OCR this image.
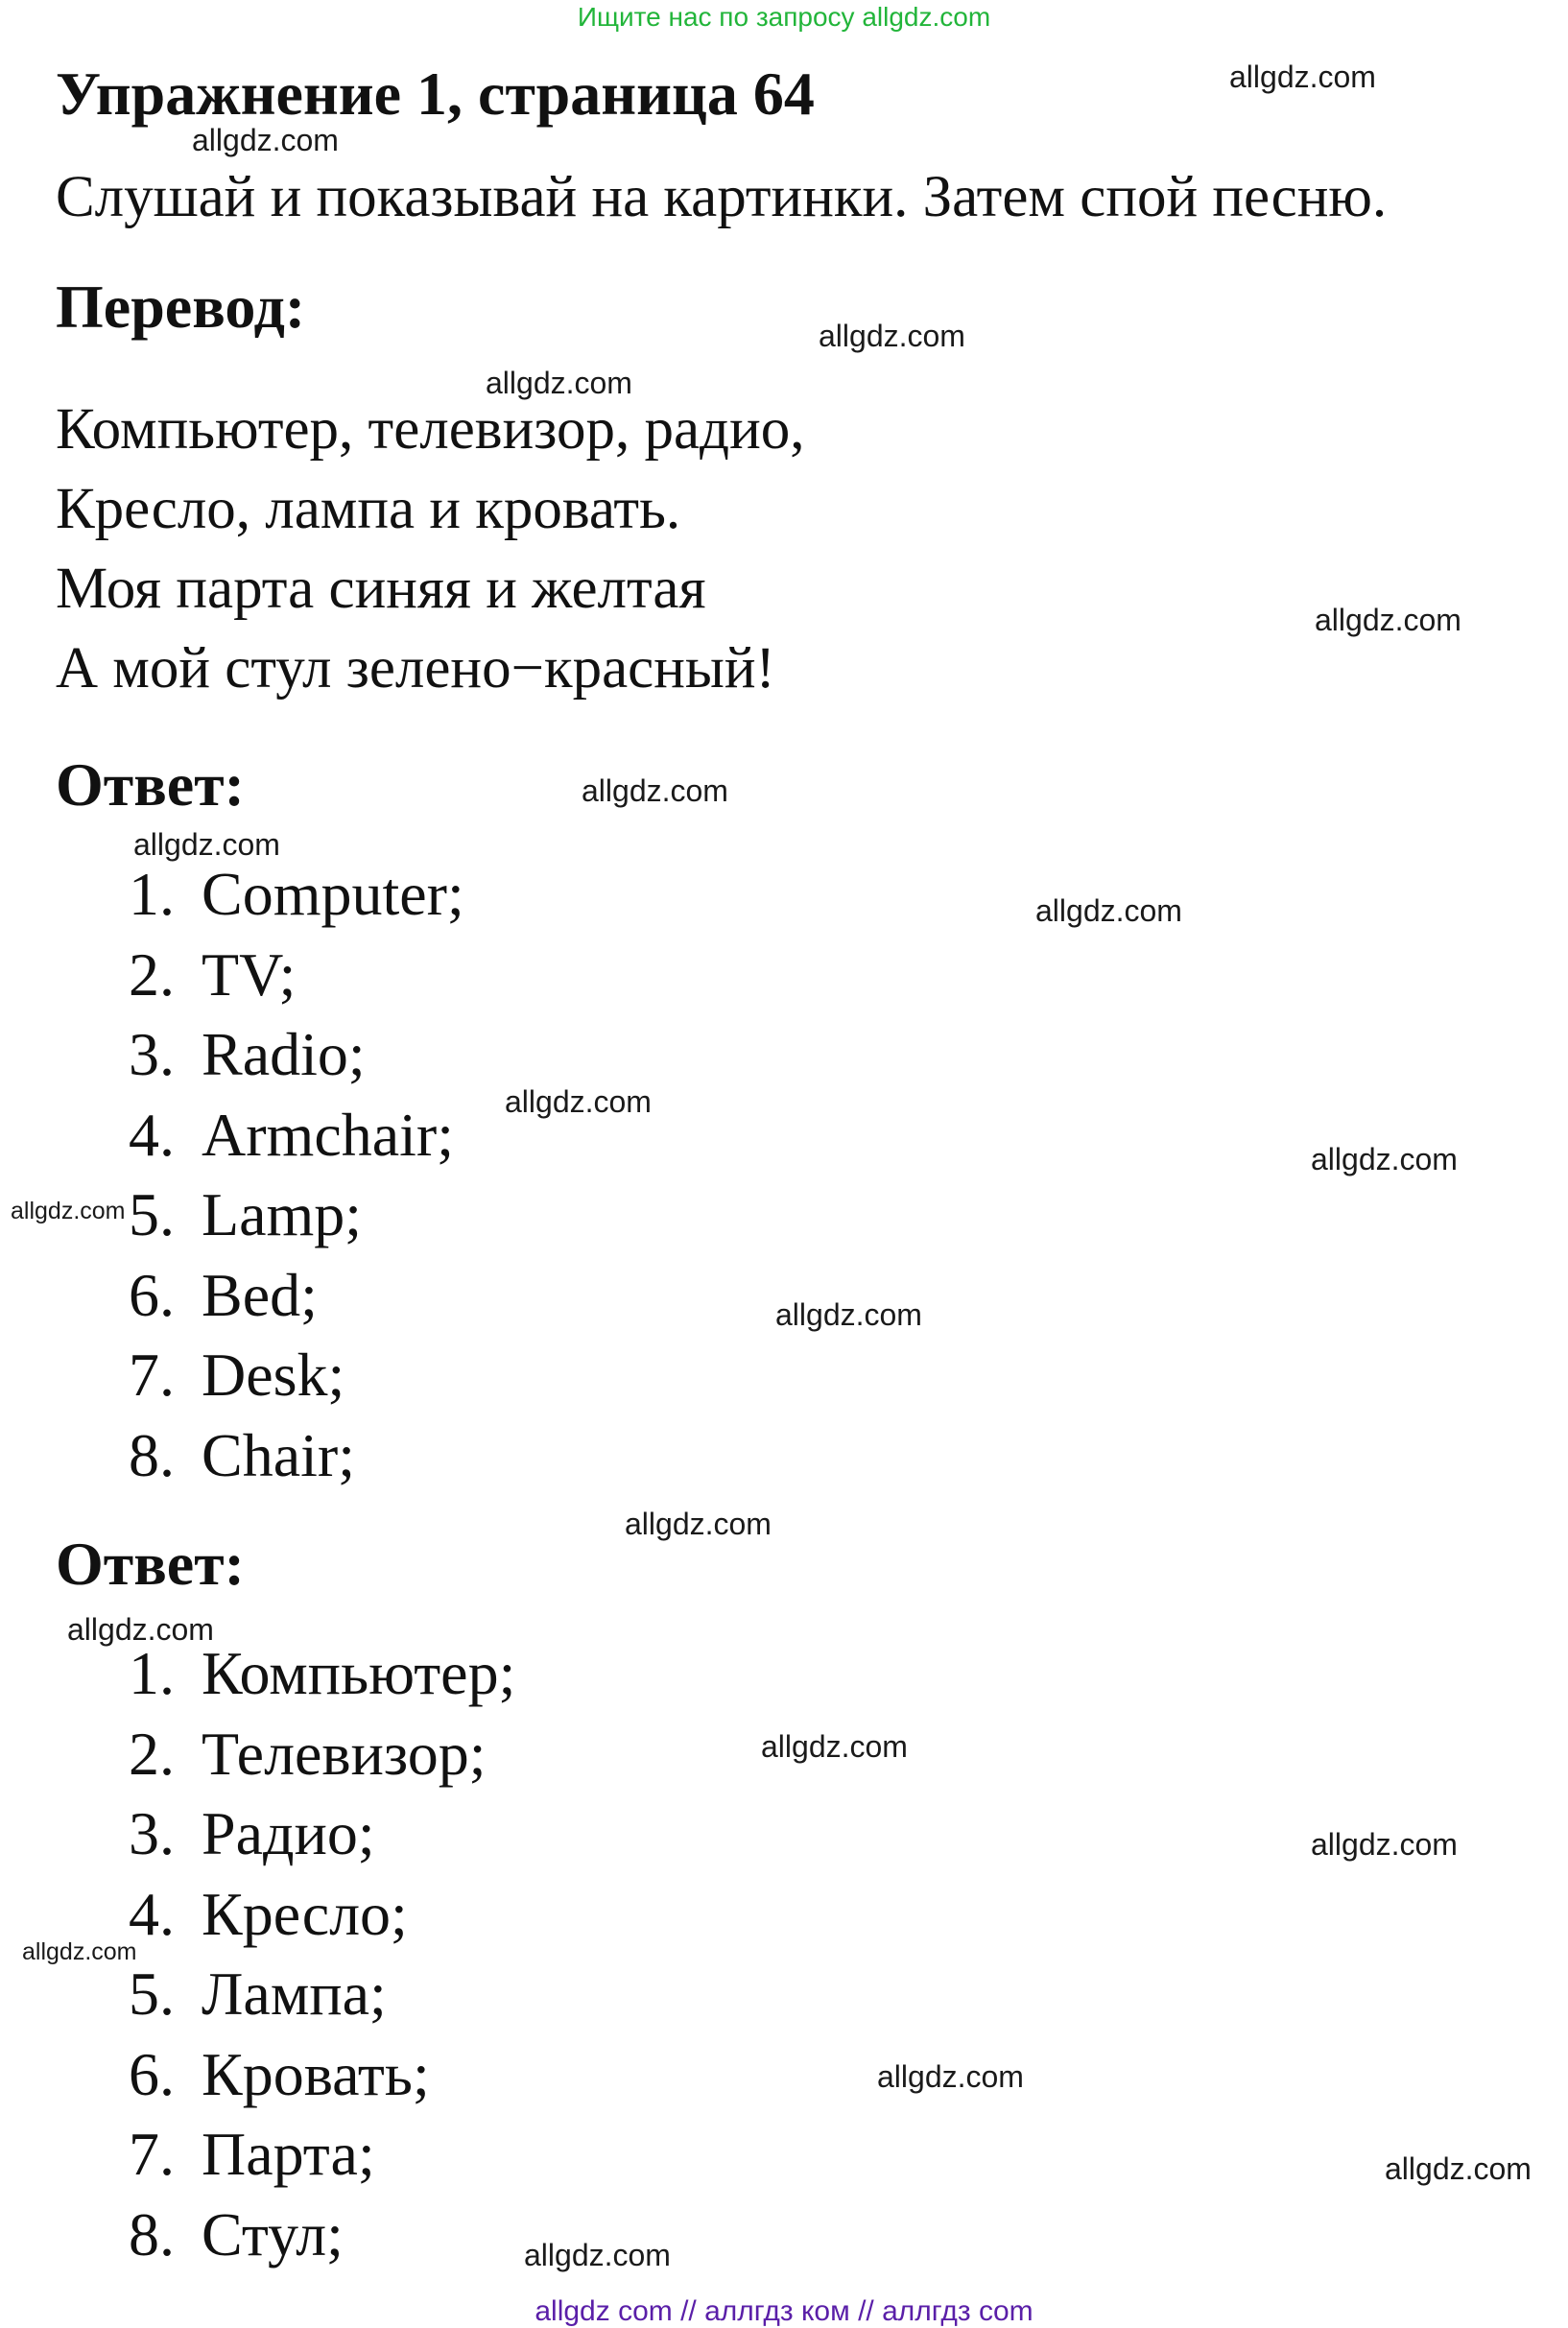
Ищите нас по запросу allgdz.com
Упражнение 1, страница 64

Слушай и показывай на картинки. Затем спой песню.

Перевод:
Компьютер, телевизор, радио,
Кресло, лампа и кровать.
Моя парта синяя и желтая
А мой стул зелено−красный!
Ответ:
1. Computer;
2. TV;
3. Radio;
4. Armchair;
5. Lamp;
6. Bed;
7. Desk;
8. Chair;
Ответ:
1. Компьютер;
2. Телевизор;
3. Радио;
4. Кресло;
5. Лампа;
6. Кровать;
7. Парта;
8. Стул;
allgdz.com
allgdz.com
allgdz.com
allgdz.com
allgdz.com
allgdz.com
allgdz.com
allgdz.com
allgdz.com
allgdz.com
allgdz.com
allgdz.com
allgdz.com
allgdz.com
allgdz.com
allgdz.com
allgdz.com
allgdz.com
allgdz.com
allgdz.com
allgdz com // аллгдз ком // аллгдз com
